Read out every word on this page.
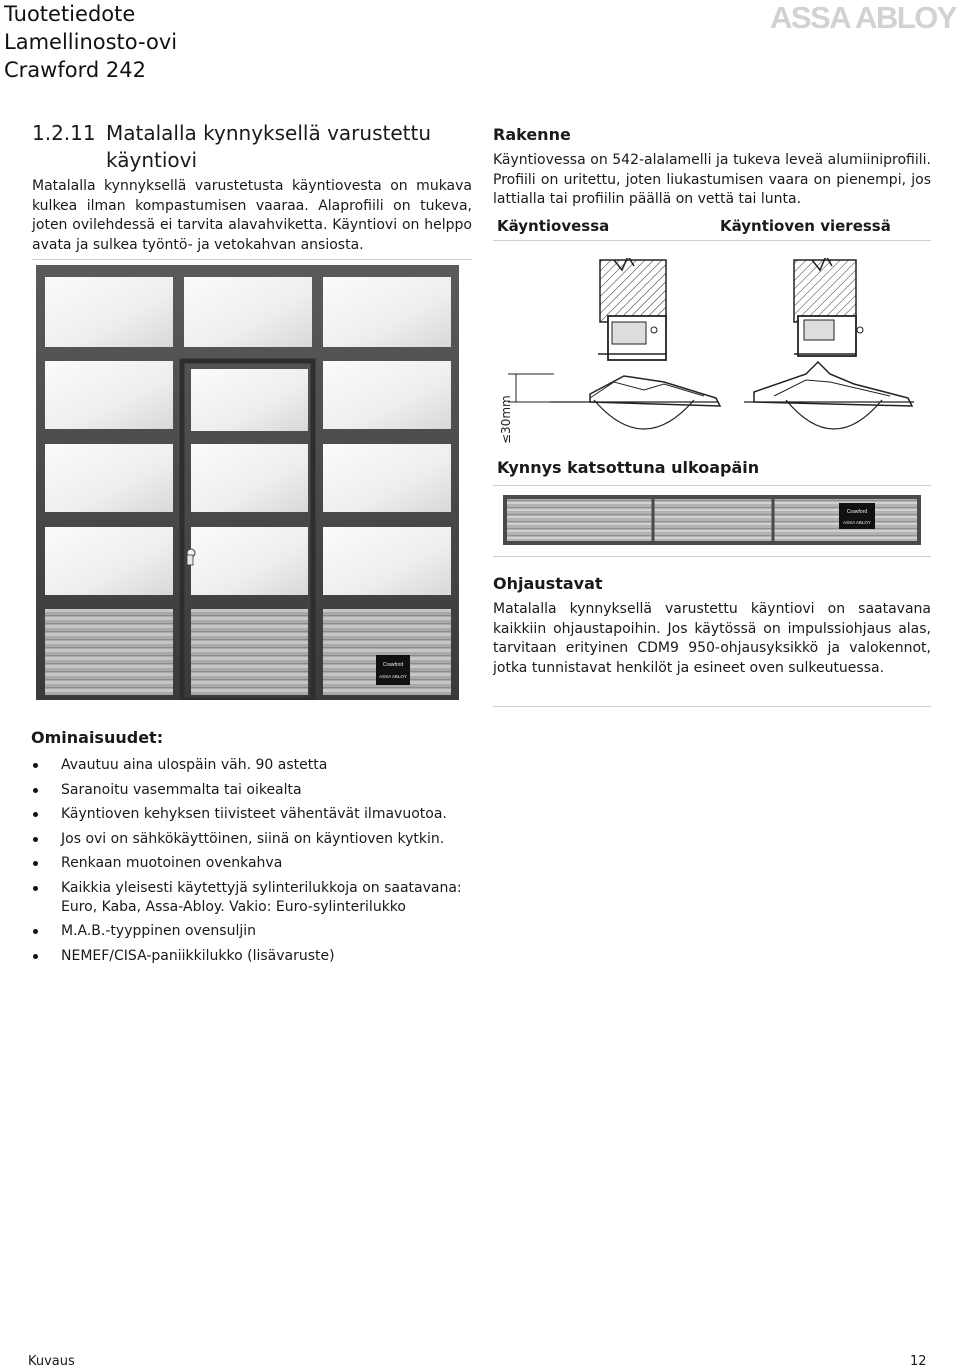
Tuotetiedote
Lamellinosto-ovi
Crawford 242
ASSA ABLOY
1.2.11 Matalalla kynnyksellä varustettu
käyntiovi
Matalalla kynnyksellä varustetusta käyntiovesta on mukava kulkea ilman kompastumisen vaaraa. Alaprofiili on tukeva, joten ovilehdessä ei tarvita alavahviketta. Käyntiovi on helppo avata ja sulkea työntö- ja vetokahvan ansiosta.
Rakenne
Käyntiovessa on 542-alalamelli ja tukeva leveä alumiiniprofiili. Profiili on uritettu, joten liukastumisen vaara on pienempi, jos lattialla tai profiilin päällä on vettä tai lunta.
Käyntiovessa	Käyntioven vieressä
Crawford
ASSA ABLOY
≤30mm
Kynnys katsottuna ulkoapäin
Crawford
ASSA ABLOY
Ohjaustavat
Matalalla kynnyksellä varustettu käyntiovi on saatavana kaikkiin ohjaustapoihin. Jos käytössä on impulssiohjaus alas, tarvitaan erityinen CDM9 950-ohjausyksikkö ja valokennot, jotka tunnistavat henkilöt ja esineet oven sulkeutuessa.
Ominaisuudet:
Avautuu aina ulospäin väh. 90 astetta
Saranoitu vasemmalta tai oikealta
Käyntioven kehyksen tiivisteet vähentävät ilmavuotoa.
Jos ovi on sähkökäyttöinen, siinä on käyntioven kytkin.
Renkaan muotoinen ovenkahva
Kaikkia yleisesti käytettyjä sylinterilukkoja on saatavana: Euro, Kaba, Assa-Abloy. Vakio: Euro-sylinterilukko
M.A.B.-tyyppinen ovensuljin
NEMEF/CISA-paniikkilukko (lisävaruste)
Kuvaus	12
